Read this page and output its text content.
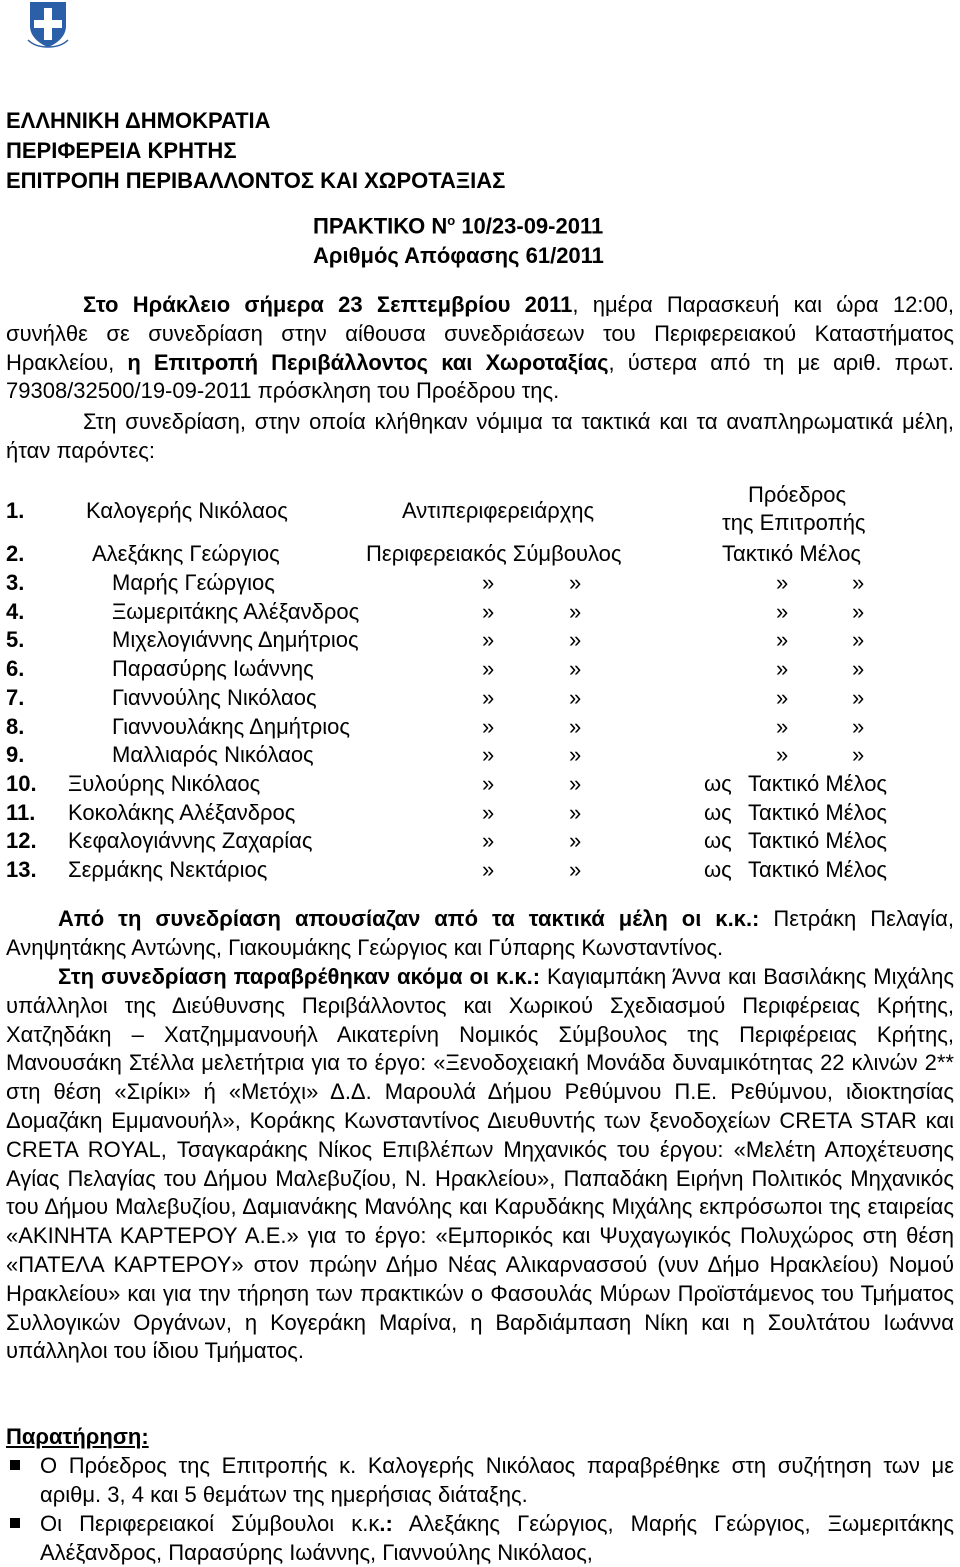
ΕΛΛΗΝΙΚΗ ΔΗΜΟΚΡΑΤΙΑ
ΠΕΡΙΦΕΡΕΙΑ ΚΡΗΤΗΣ
ΕΠΙΤΡΟΠΗ ΠΕΡΙΒΑΛΛΟΝΤΟΣ ΚΑΙ ΧΩΡΟΤΑΞΙΑΣ
ΠΡΑΚΤΙΚΟ $N^o$ 10/23-09-2011
Αριθμός Απόφασης 61/2011
Στο Ηράκλειο σήμερα 23 Σεπτεμβρίου 2011, ημέρα Παρασκευή και ώρα 12:00, συνήλθε σε συνεδρίαση στην αίθουσα συνεδριάσεων του Περιφερειακού Καταστήματος Ηρακλείου, η Επιτροπή Περιβάλλοντος και Χωροταξίας, ύστερα από τη με αριθ. πρωτ. 79308/32500/19-09-2011 πρόσκληση του Προέδρου της.
Στη συνεδρίαση, στην οποία κλήθηκαν νόμιμα τα τακτικά και τα αναπληρωματικά μέλη, ήταν παρόντες:
1.	Καλογερής Νικόλαος	Αντιπεριφερειάρχης
Πρόεδρος
της Επιτροπής
2.	Αλεξάκης Γεώργιος	Περιφερειακός Σύμβουλος	Τακτικό Μέλος
3.	Μαρής Γεώργιος	»	»	»	»
4.	Ξωμεριτάκης Αλέξανδρος	»	»	»	»
5.	Μιχελογιάννης Δημήτριος	»	»	»	»
6.	Παρασύρης Ιωάννης	»	»	»	»
7.	Γιαννούλης Νικόλαος	»	»	»	»
8.	Γιαννουλάκης Δημήτριος	»	»	»	»
9.	Μαλλιαρός Νικόλαος	»	»	»	»
10. Ξυλούρης Νικόλαος	»	»	ως Τακτικό Μέλος
11. Κοκολάκης Αλέξανδρος	»	»	ως Τακτικό Μέλος
12. Κεφαλογιάννης Ζαχαρίας	»	»	ως Τακτικό Μέλος
13. Σερμάκης Νεκτάριος	»	»	ως Τακτικό Μέλος
Από τη συνεδρίαση απουσίαζαν από τα τακτικά μέλη οι κ.κ.: Πετράκη Πελαγία, Ανηψητάκης Αντώνης, Γιακουμάκης Γεώργιος και Γύπαρης Κωνσταντίνος.
Στη συνεδρίαση παραβρέθηκαν ακόμα οι κ.κ.: Καγιαμπάκη Άννα και Βασιλάκης Μιχάλης υπάλληλοι της Διεύθυνσης Περιβάλλοντος και Χωρικού Σχεδιασμού Περιφέρειας Κρήτης, Χατζηδάκη – Χατζημμανουήλ Αικατερίνη Νομικός Σύμβουλος της Περιφέρειας Κρήτης, Μανουσάκη Στέλλα μελετήτρια για το έργο: «Ξενοδοχειακή Μονάδα δυναμικότητας 22 κλινών 2** στη θέση «Σιρίκι» ή «Μετόχι» Δ.Δ. Μαρουλά Δήμου Ρεθύμνου Π.Ε. Ρεθύμνου, ιδιοκτησίας Δομαζάκη Εμμανουήλ», Κοράκης Κωνσταντίνος Διευθυντής των ξενοδοχείων CRETA STAR και CRETA ROYAL, Τσαγκαράκης Νίκος Επιβλέπων Μηχανικός του έργου: «Μελέτη Αποχέτευσης Αγίας Πελαγίας του Δήμου Μαλεβυζίου, Ν. Ηρακλείου», Παπαδάκη Ειρήνη Πολιτικός Μηχανικός του Δήμου Μαλεβυζίου, Δαμιανάκης Μανόλης και Καρυδάκης Μιχάλης εκπρόσωποι της εταιρείας «ΑΚΙΝΗΤΑ ΚΑΡΤΕΡΟΥ Α.Ε.» για το έργο: «Εμπορικός και Ψυχαγωγικός Πολυχώρος στη θέση «ΠΑΤΕΛΑ ΚΑΡΤΕΡΟΥ» στον πρώην Δήμο Νέας Αλικαρνασσού (νυν Δήμο Ηρακλείου) Νομού Ηρακλείου» και για την τήρηση των πρακτικών ο Φασουλάς Μύρων Προϊστάμενος του Τμήματος Συλλογικών Οργάνων, η Κογεράκη Μαρίνα, η Βαρδιάμπαση Νίκη και η Σουλτάτου Ιωάννα υπάλληλοι του ίδιου Τμήματος.
Παρατήρηση:
Ο Πρόεδρος της Επιτροπής κ. Καλογερής Νικόλαος παραβρέθηκε στη συζήτηση των με αριθμ. 3, 4 και 5 θεμάτων της ημερήσιας διάταξης.
Οι Περιφερειακοί Σύμβουλοι κ.κ.: Αλεξάκης Γεώργιος, Μαρής Γεώργιος, Ξωμεριτάκης Αλέξανδρος, Παρασύρης Ιωάννης, Γιαννούλης Νικόλαος,
